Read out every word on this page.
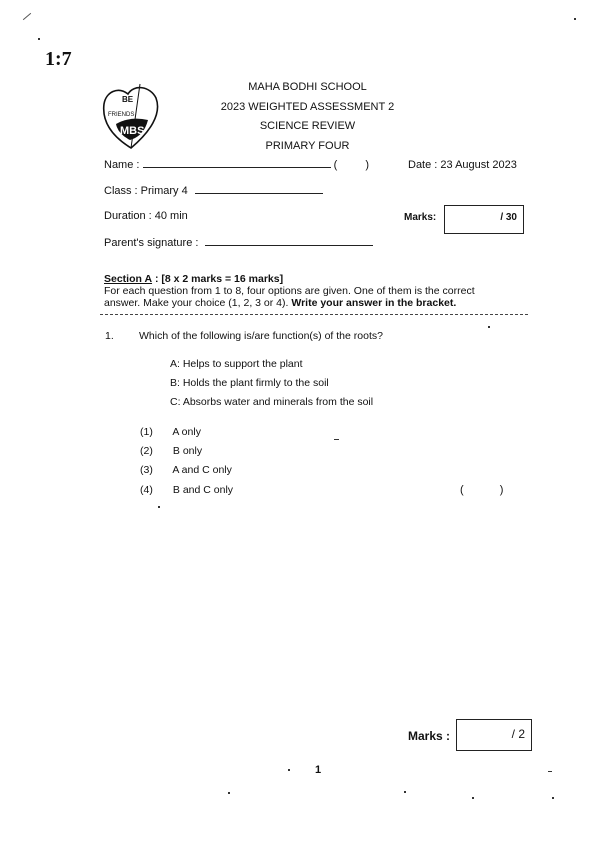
1:7
BE
FRIENDS
MBS
MAHA BODHI SCHOOL
2023 WEIGHTED ASSESSMENT 2
SCIENCE REVIEW
PRIMARY FOUR
Name :	(	)	Date : 23 August 2023
Class : Primary 4
Duration : 40 min	Marks:	/ 30
Parent's signature :
Section A : [8 x 2 marks = 16 marks]
For each question from 1 to 8, four options are given. One of them is the correct
answer. Make your choice (1, 2, 3 or 4). Write your answer in the bracket.
1. Which of the following is/are function(s) of the roots?
A: Helps to support the plant
B: Holds the plant firmly to the soil
C: Absorbs water and minerals from the soil
(1) A only
(2) B only
(3) A and C only
(4) B and C only	(	)
Marks :	/ 2
1
